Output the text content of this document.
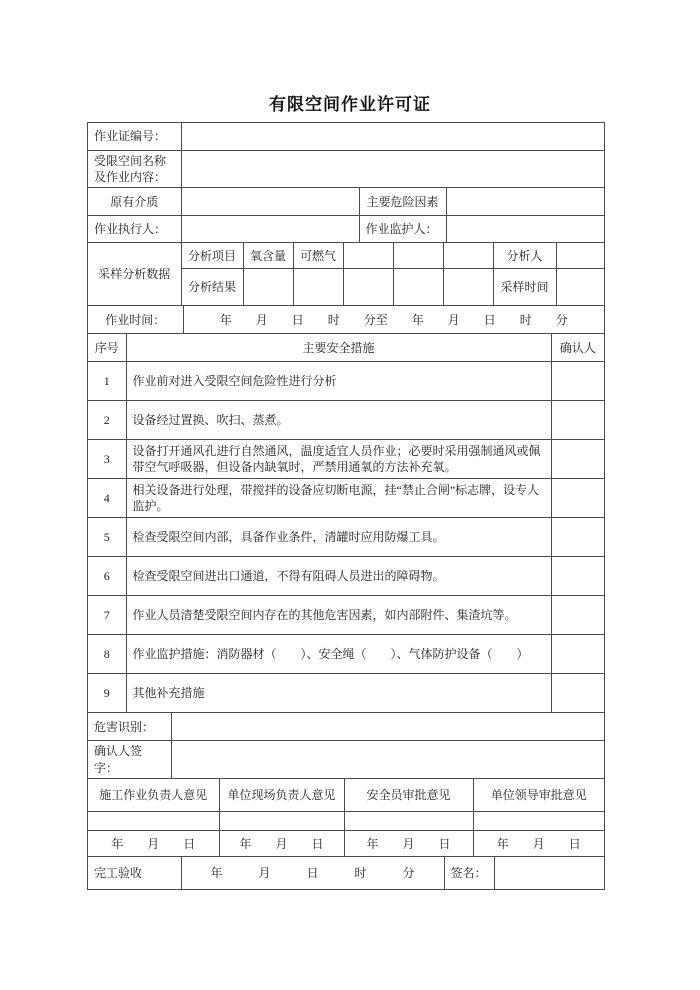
有限空间作业许可证
作业证编号：	
受限空间名称及作业内容：	
原有介质		主要危险因素	
作业执行人：		作业监护人：	
采样分析数据	分析项目	氧含量	可燃气				分析人	
	分析结果						采样时间	
作业时间：	年　　月　　日　　时　　分至　　年　　月　　日　　时　　分
序号	主要安全措施	确认人
1	作业前对进入受限空间危险性进行分析	
2	设备经过置换、吹扫、蒸煮。	
3	设备打开通风孔进行自然通风，温度适宜人员作业；必要时采用强制通风或佩带空气呼吸器，但设备内缺氧时，严禁用通氧的方法补充氧。	
4	相关设备进行处理，带搅拌的设备应切断电源，挂“禁止合闸”标志牌，设专人监护。	
5	检查受限空间内部，具备作业条件，清罐时应用防爆工具。	
6	检查受限空间进出口通道，不得有阻碍人员进出的障碍物。	
7	作业人员清楚受限空间内存在的其他危害因素，如内部附件、集渣坑等。	
8	作业监护措施：消防器材（　　）、安全绳（　　）、气体防护设备（　　）	
9	其他补充措施	
危害识别：	
确认人签字：	
施工作业负责人意见	单位现场负责人意见	安全员审批意见	单位领导审批意见

年　　月　　日	年　　月　　日	年　　月　　日	年　　月　　日
完工验收	年　　　月　　　日　　　时　　　分	签名：	
